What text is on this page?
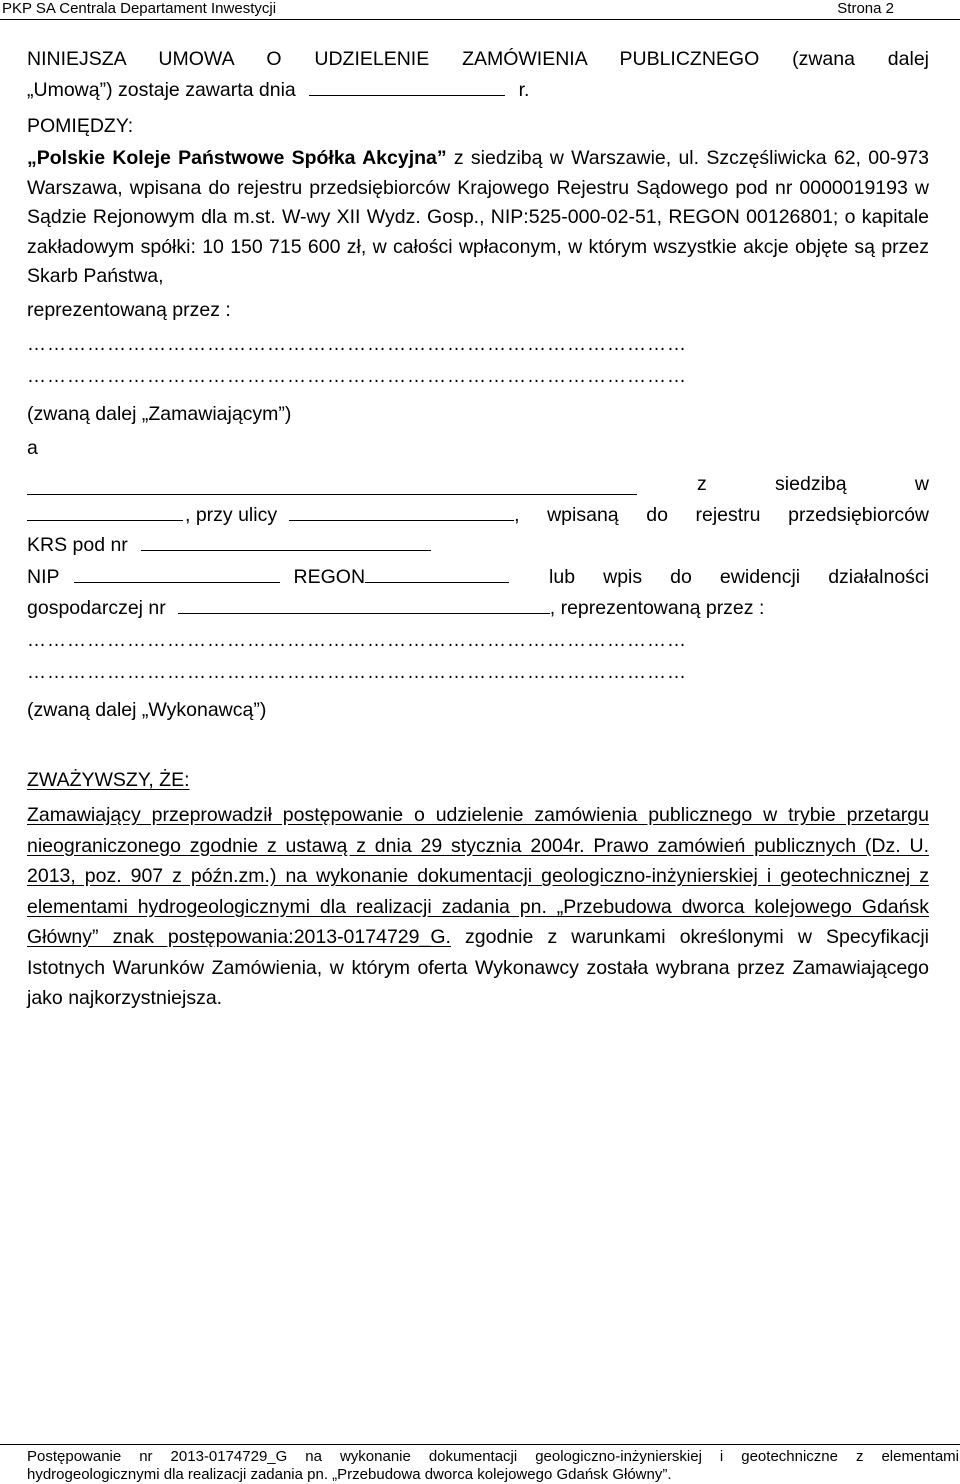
PKP SA Centrala Departament Inwestycji	Strona 2
NINIEJSZA UMOWA O UDZIELENIE ZAMÓWIENIA PUBLICZNEGO (zwana dalej
„Umową”) zostaje zawarta dnia	r.
POMIĘDZY:
„Polskie Koleje Państwowe Spółka Akcyjna” z siedzibą w Warszawie, ul. Szczęśliwicka 62, 00-973 Warszawa, wpisana do rejestru przedsiębiorców Krajowego Rejestru Sądowego pod nr 0000019193 w Sądzie Rejonowym dla m.st. W-wy XII Wydz. Gosp., NIP:525-000-02-51, REGON 00126801; o kapitale zakładowym spółki: 10 150 715 600 zł, w całości wpłaconym, w którym wszystkie akcje objęte są przez Skarb Państwa,
reprezentowaną przez :
………………………………………………………………………………………
………………………………………………………………………………………
(zwaną dalej „Zamawiającym”)
a
z siedzibą w
, przy ulicy	, wpisaną do rejestru przedsiębiorców
KRS pod nr
NIP	REGON	lub wpis do ewidencji działalności
gospodarczej nr	, reprezentowaną przez :
………………………………………………………………………………………
………………………………………………………………………………………
(zwaną dalej „Wykonawcą”)
ZWAŻYWSZY, ŻE:
Zamawiający przeprowadził postępowanie o udzielenie zamówienia publicznego w trybie przetargu nieograniczonego zgodnie z ustawą z dnia 29 stycznia 2004r. Prawo zamówień publicznych (Dz. U. 2013, poz. 907 z późn.zm.) na wykonanie dokumentacji geologiczno-inżynierskiej i geotechnicznej z elementami hydrogeologicznymi dla realizacji zadania pn. „Przebudowa dworca kolejowego Gdańsk Główny” znak postępowania:2013-0174729_G. zgodnie z warunkami określonymi w Specyfikacji Istotnych Warunków Zamówienia, w którym oferta Wykonawcy została wybrana przez Zamawiającego jako najkorzystniejsza.
Postępowanie nr 2013-0174729_G na wykonanie dokumentacji geologiczno-inżynierskiej i geotechniczne z elementami
hydrogeologicznymi dla realizacji zadania pn. „Przebudowa dworca kolejowego Gdańsk Główny”.
